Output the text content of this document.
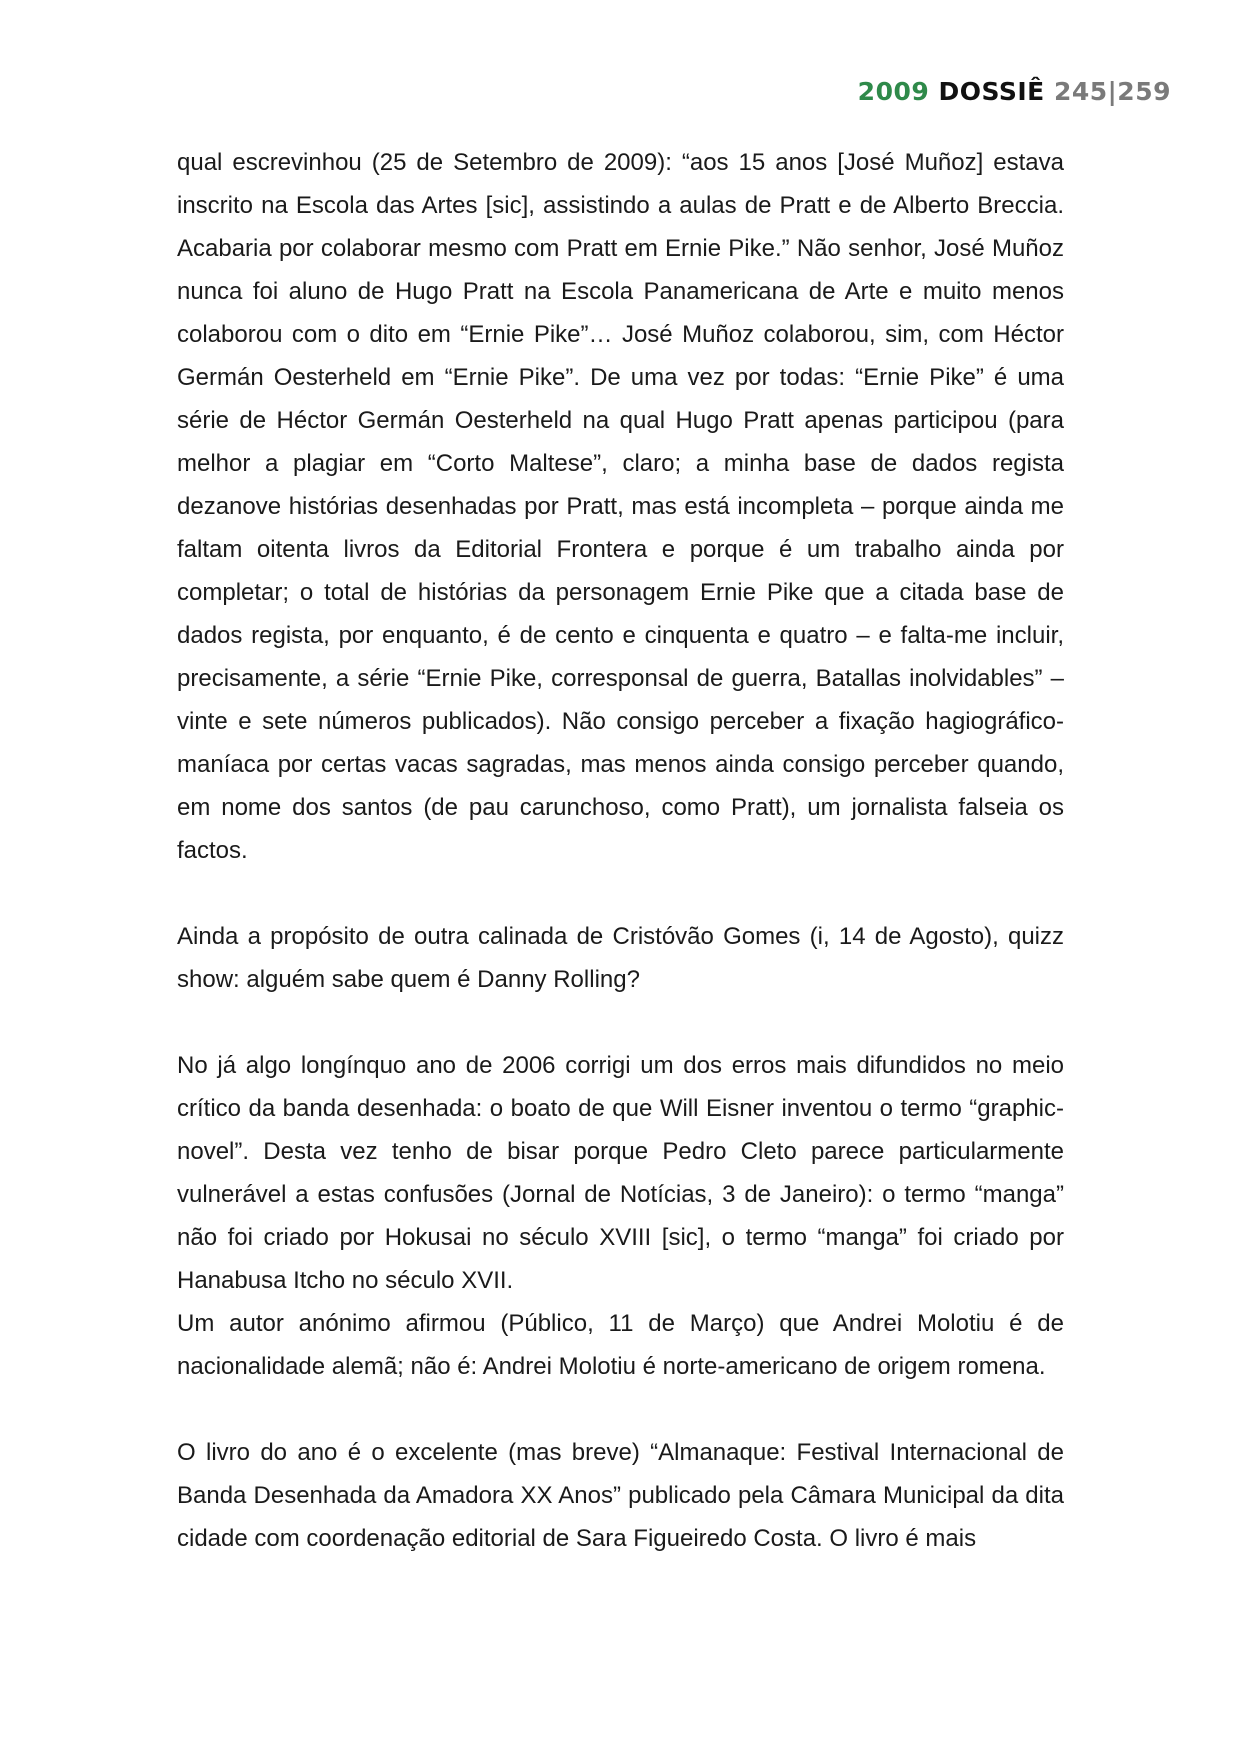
2009 DOSSIÊ 245|259

qual escrevinhou (25 de Setembro de 2009): “aos 15 anos [José Muñoz] estava inscrito na Escola das Artes [sic], assistindo a aulas de Pratt e de Alberto Breccia. Acabaria por colaborar mesmo com Pratt em Ernie Pike.” Não senhor, José Muñoz nunca foi aluno de Hugo Pratt na Escola Panamericana de Arte e muito menos colaborou com o dito em “Ernie Pike”… José Muñoz colaborou, sim, com Héctor Germán Oesterheld em “Ernie Pike”. De uma vez por todas: “Ernie Pike” é uma série de Héctor Germán Oesterheld na qual Hugo Pratt apenas participou (para melhor a plagiar em “Corto Maltese”, claro; a minha base de dados regista dezanove histórias desenhadas por Pratt, mas está incompleta – porque ainda me faltam oitenta livros da Editorial Frontera e porque é um trabalho ainda por completar; o total de histórias da personagem Ernie Pike que a citada base de dados regista, por enquanto, é de cento e cinquenta e quatro – e falta-me incluir, precisamente, a série “Ernie Pike, corresponsal de guerra, Batallas inolvidables” – vinte e sete números publicados). Não consigo perceber a fixação hagiográfico-maníaca por certas vacas sagradas, mas menos ainda consigo perceber quando, em nome dos santos (de pau carunchoso, como Pratt), um jornalista falseia os factos.

Ainda a propósito de outra calinada de Cristóvão Gomes (i, 14 de Agosto), quizz show: alguém sabe quem é Danny Rolling?

No já algo longínquo ano de 2006 corrigi um dos erros mais difundidos no meio crítico da banda desenhada: o boato de que Will Eisner inventou o termo “graphic-novel”. Desta vez tenho de bisar porque Pedro Cleto parece particularmente vulnerável a estas confusões (Jornal de Notícias, 3 de Janeiro): o termo “manga” não foi criado por Hokusai no século XVIII [sic], o termo “manga” foi criado por Hanabusa Itcho no século XVII.

Um autor anónimo afirmou (Público, 11 de Março) que Andrei Molotiu é de nacionalidade alemã; não é: Andrei Molotiu é norte-americano de origem romena.

O livro do ano é o excelente (mas breve) “Almanaque: Festival Internacional de Banda Desenhada da Amadora XX Anos” publicado pela Câmara Municipal da dita cidade com coordenação editorial de Sara Figueiredo Costa. O livro é mais
